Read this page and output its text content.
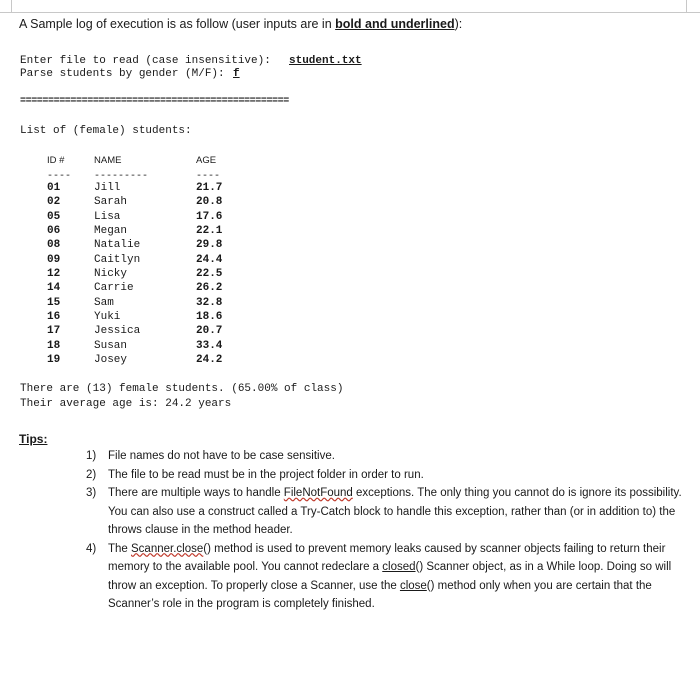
A Sample log of execution is as follow (user inputs are in bold and underlined):
Enter file to read (case insensitive): student.txt
Parse students by gender (M/F): f
================================================
List of (female) students:
ID #	NAME	AGE
---- ---------	----
01	Jill	21.7
02	Sarah	20.8
05	Lisa	17.6
06	Megan	22.1
08	Natalie	29.8
09	Caitlyn	24.4
12	Nicky	22.5
14	Carrie	26.2
15	Sam	32.8
16	Yuki	18.6
17	Jessica	20.7
18	Susan	33.4
19	Josey	24.2
There are (13) female students. (65.00% of class)
Their average age is: 24.2 years
Tips:
1) File names do not have to be case sensitive.
2) The file to be read must be in the project folder in order to run.
3) There are multiple ways to handle FileNotFound exceptions. The only thing you cannot do is ignore its possibility. You can also use a construct called a Try-Catch block to handle this exception, rather than (or in addition to) the throws clause in the method header.
4) The Scanner.close() method is used to prevent memory leaks caused by scanner objects failing to return their memory to the available pool. You cannot redeclare a closed() Scanner object, as in a While loop. Doing so will throw an exception. To properly close a Scanner, use the close() method only when you are certain that the Scanner’s role in the program is completely finished.
